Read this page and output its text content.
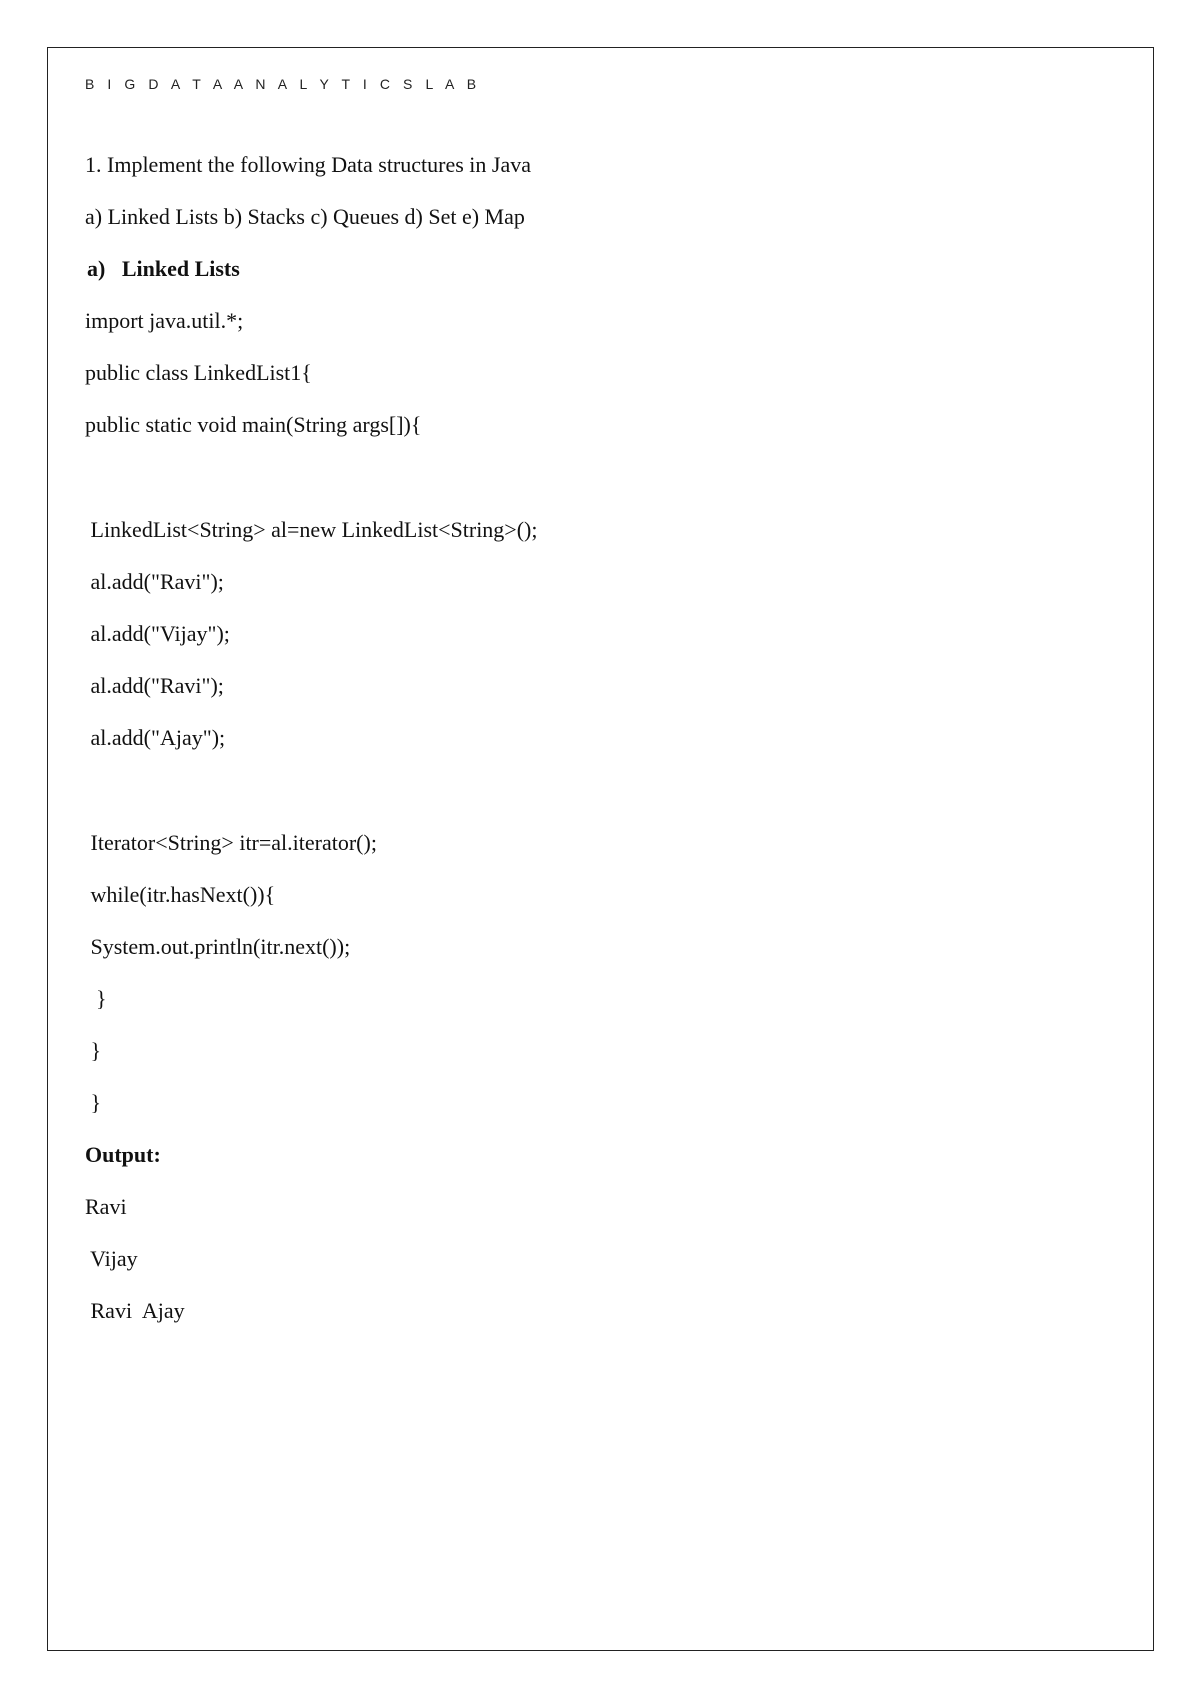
B I G D A T A A N A L Y T I C S L A B
1. Implement the following Data structures in Java
a) Linked Lists b) Stacks c) Queues d) Set e) Map
a)   Linked Lists
import java.util.*;
public class LinkedList1{
public static void main(String args[]){
LinkedList<String> al=new LinkedList<String>();
al.add("Ravi");
al.add("Vijay");
al.add("Ravi");
al.add("Ajay");
Iterator<String> itr=al.iterator();
while(itr.hasNext()){
System.out.println(itr.next());
}
}
}
Output:
Ravi
Vijay
Ravi  Ajay
